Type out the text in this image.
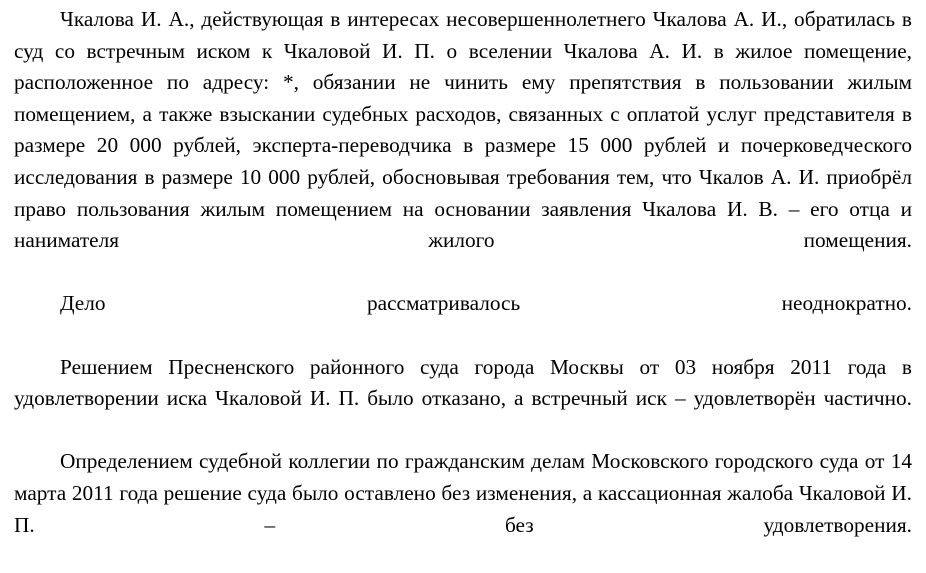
Чкалова И. А., действующая в интересах несовершеннолетнего Чкалова А. И., обратилась в суд со встречным иском к Чкаловой И. П. о вселении Чкалова А. И. в жилое помещение, расположенное по адресу: *, обязании не чинить ему препятствия в пользовании жилым помещением, а также взыскании судебных расходов, связанных с оплатой услуг представителя в размере 20 000 рублей, эксперта-переводчика в размере 15 000 рублей и почерковедческого исследования в размере 10 000 рублей, обосновывая требования тем, что Чкалов А. И. приобрёл право пользования жилым помещением на основании заявления Чкалова И. В. – его отца и нанимателя жилого помещения.

Дело рассматривалось неоднократно.

Решением Пресненского районного суда города Москвы от 03 ноября 2011 года в удовлетворении иска Чкаловой И. П. было отказано, а встречный иск – удовлетворён частично.

Определением судебной коллегии по гражданским делам Московского городского суда от 14 марта 2011 года решение суда было оставлено без изменения, а кассационная жалоба Чкаловой И. П. – без удовлетворения.
